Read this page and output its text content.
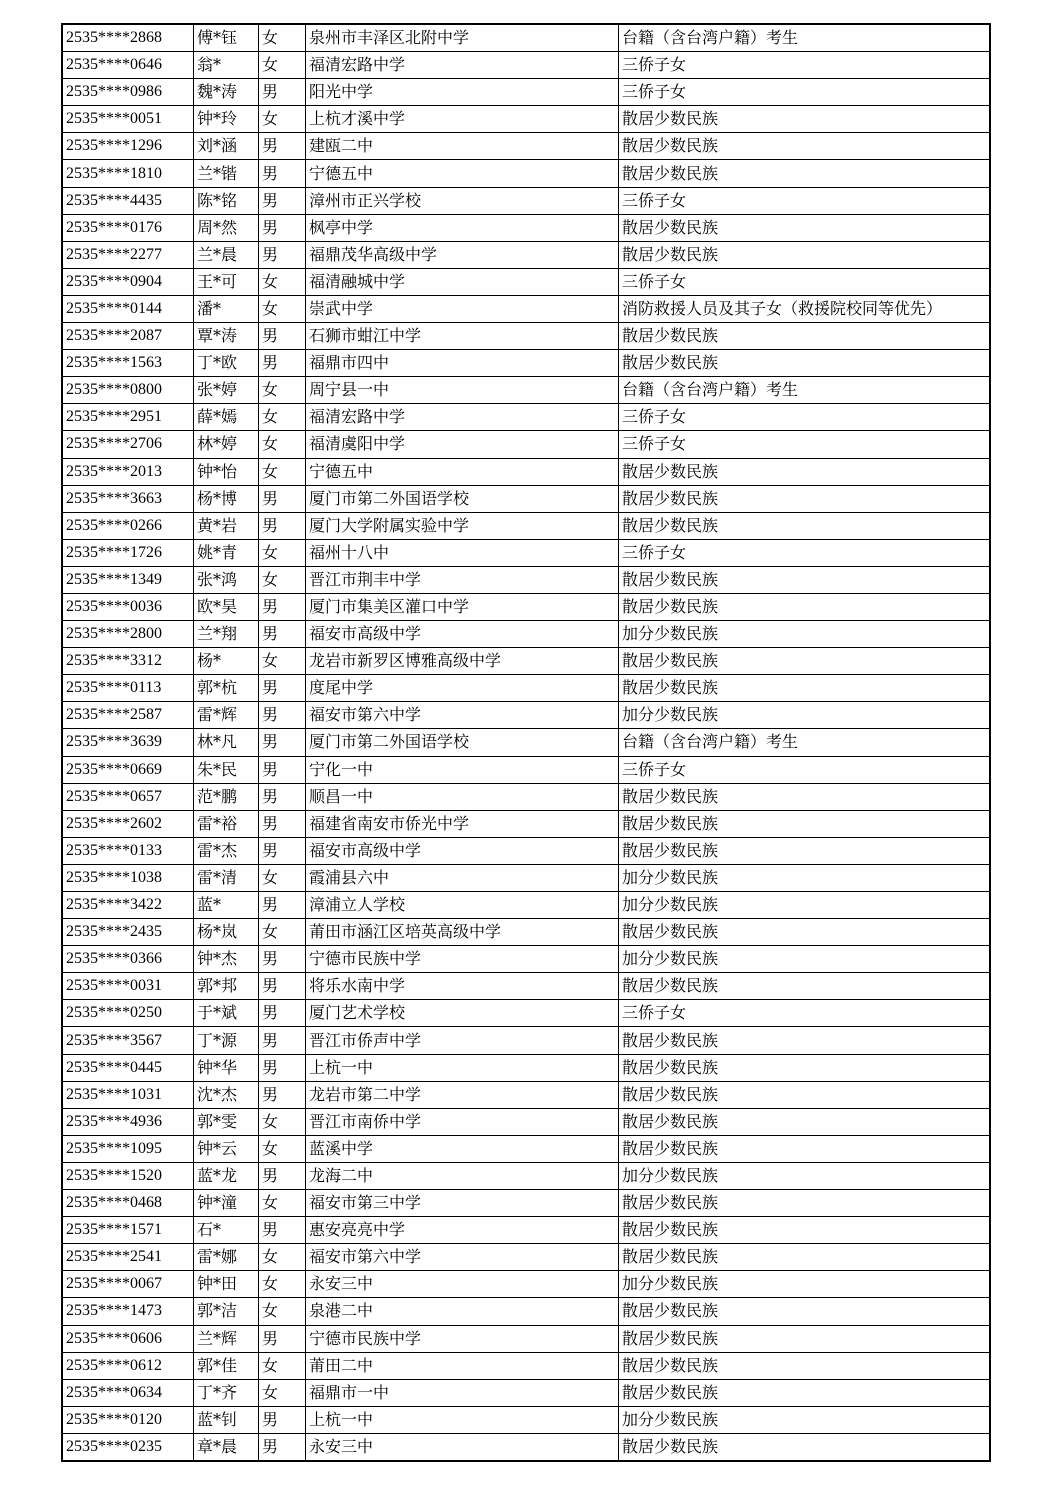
2535****2868	傅*钰	女	泉州市丰泽区北附中学	台籍（含台湾户籍）考生
2535****0646	翁*	女	福清宏路中学	三侨子女
2535****0986	魏*涛	男	阳光中学	三侨子女
2535****0051	钟*玲	女	上杭才溪中学	散居少数民族
2535****1296	刘*涵	男	建瓯二中	散居少数民族
2535****1810	兰*锴	男	宁德五中	散居少数民族
2535****4435	陈*铭	男	漳州市正兴学校	三侨子女
2535****0176	周*然	男	枫亭中学	散居少数民族
2535****2277	兰*晨	男	福鼎茂华高级中学	散居少数民族
2535****0904	王*可	女	福清融城中学	三侨子女
2535****0144	潘*	女	崇武中学	消防救援人员及其子女（救援院校同等优先）
2535****2087	覃*涛	男	石狮市蚶江中学	散居少数民族
2535****1563	丁*欧	男	福鼎市四中	散居少数民族
2535****0800	张*婷	女	周宁县一中	台籍（含台湾户籍）考生
2535****2951	薛*嫣	女	福清宏路中学	三侨子女
2535****2706	林*婷	女	福清虞阳中学	三侨子女
2535****2013	钟*怡	女	宁德五中	散居少数民族
2535****3663	杨*博	男	厦门市第二外国语学校	散居少数民族
2535****0266	黄*岩	男	厦门大学附属实验中学	散居少数民族
2535****1726	姚*青	女	福州十八中	三侨子女
2535****1349	张*鸿	女	晋江市荆丰中学	散居少数民族
2535****0036	欧*昊	男	厦门市集美区灌口中学	散居少数民族
2535****2800	兰*翔	男	福安市高级中学	加分少数民族
2535****3312	杨*	女	龙岩市新罗区博雅高级中学	散居少数民族
2535****0113	郭*杭	男	度尾中学	散居少数民族
2535****2587	雷*辉	男	福安市第六中学	加分少数民族
2535****3639	林*凡	男	厦门市第二外国语学校	台籍（含台湾户籍）考生
2535****0669	朱*民	男	宁化一中	三侨子女
2535****0657	范*鹏	男	顺昌一中	散居少数民族
2535****2602	雷*裕	男	福建省南安市侨光中学	散居少数民族
2535****0133	雷*杰	男	福安市高级中学	散居少数民族
2535****1038	雷*清	女	霞浦县六中	加分少数民族
2535****3422	蓝*	男	漳浦立人学校	加分少数民族
2535****2435	杨*岚	女	莆田市涵江区培英高级中学	散居少数民族
2535****0366	钟*杰	男	宁德市民族中学	加分少数民族
2535****0031	郭*邦	男	将乐水南中学	散居少数民族
2535****0250	于*斌	男	厦门艺术学校	三侨子女
2535****3567	丁*源	男	晋江市侨声中学	散居少数民族
2535****0445	钟*华	男	上杭一中	散居少数民族
2535****1031	沈*杰	男	龙岩市第二中学	散居少数民族
2535****4936	郭*雯	女	晋江市南侨中学	散居少数民族
2535****1095	钟*云	女	蓝溪中学	散居少数民族
2535****1520	蓝*龙	男	龙海二中	加分少数民族
2535****0468	钟*潼	女	福安市第三中学	散居少数民族
2535****1571	石*	男	惠安亮亮中学	散居少数民族
2535****2541	雷*娜	女	福安市第六中学	散居少数民族
2535****0067	钟*田	女	永安三中	加分少数民族
2535****1473	郭*洁	女	泉港二中	散居少数民族
2535****0606	兰*辉	男	宁德市民族中学	散居少数民族
2535****0612	郭*佳	女	莆田二中	散居少数民族
2535****0634	丁*齐	女	福鼎市一中	散居少数民族
2535****0120	蓝*钊	男	上杭一中	加分少数民族
2535****0235	章*晨	男	永安三中	散居少数民族
